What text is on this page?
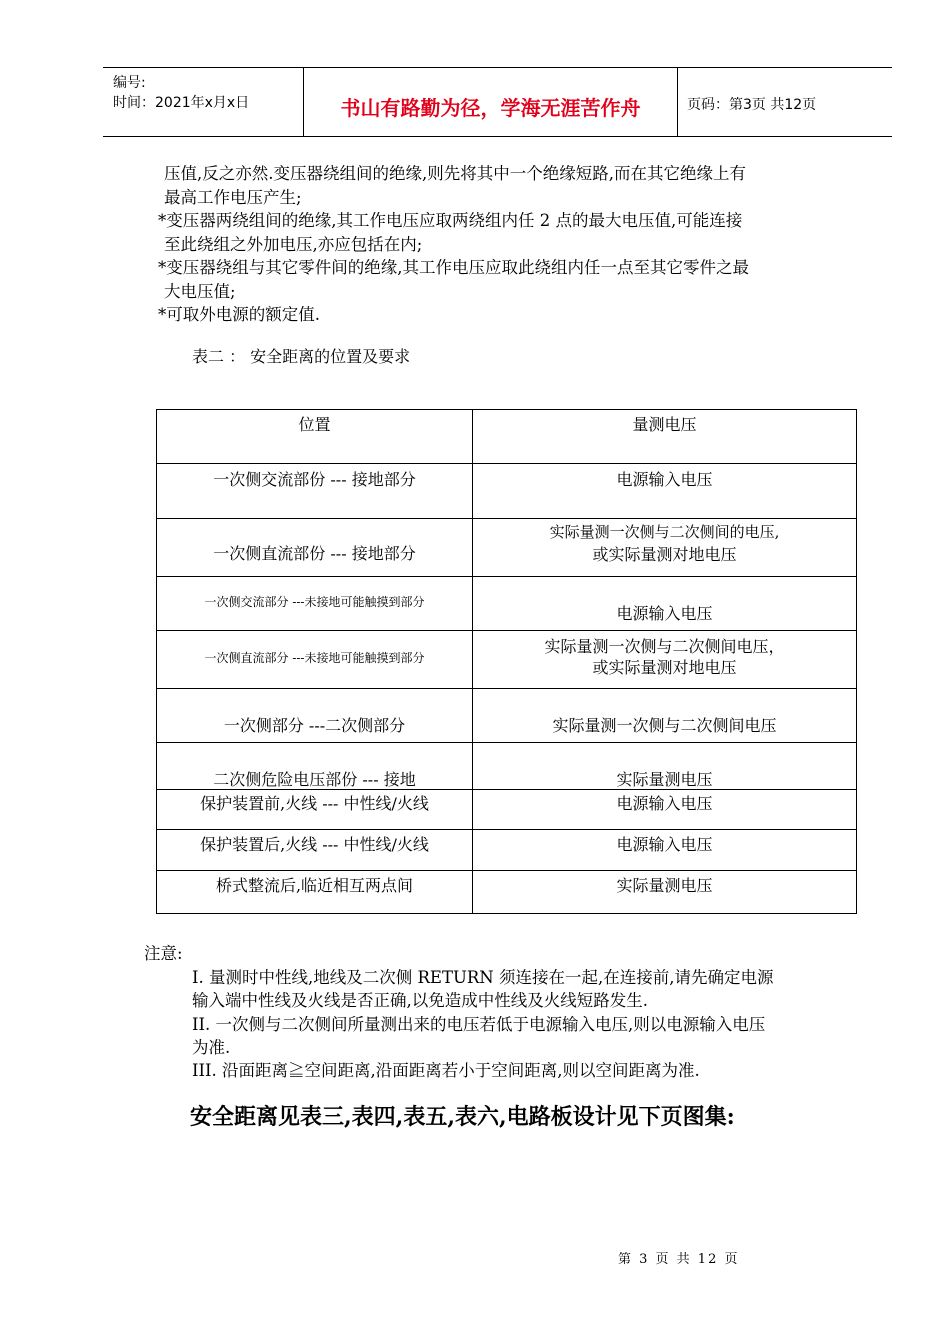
编号:
时间：2021年x月x日	书山有路勤为径，学海无涯苦作舟	页码：第3页 共12页
压值,反之亦然.变压器绕组间的绝缘,则先将其中一个绝缘短路,而在其它绝缘上有
最高工作电压产生;
*变压器两绕组间的绝缘,其工作电压应取两绕组内任 2 点的最大电压值,可能连接
至此绕组之外加电压,亦应包括在内;
*变压器绕组与其它零件间的绝缘,其工作电压应取此绕组内任一点至其它零件之最
大电压值;
*可取外电源的额定值.
表二 ： 安全距离的位置及要求
位置	量测电压

一次侧交流部份 --- 接地部分	电源输入电压

一次侧直流部份 --- 接地部分	实际量测一次侧与二次侧间的电压,
或实际量测对地电压

一次侧交流部分 ---未接地可能触摸到部分	电源输入电压

一次侧直流部分 ---未接地可能触摸到部分	实际量测一次侧与二次侧间电压，
或实际量测对地电压

一次侧部分 ---二次侧部分	实际量测一次侧与二次侧间电压

二次侧危险电压部份 --- 接地	实际量测电压

保护装置前,火线 --- 中性线/火线	电源输入电压

保护装置后,火线 --- 中性线/火线	电源输入电压

桥式整流后,临近相互两点间	实际量测电压
注意:
I. 量测时中性线,地线及二次侧 RETURN 须连接在一起,在连接前,请先确定电源
输入端中性线及火线是否正确,以免造成中性线及火线短路发生.
II. 一次侧与二次侧间所量测出来的电压若低于电源输入电压,则以电源输入电压
为准.
III. 沿面距离≧空间距离,沿面距离若小于空间距离,则以空间距离为准.
安全距离见表三,表四,表五,表六,电路板设计见下页图集:
第 3 页 共 12 页
